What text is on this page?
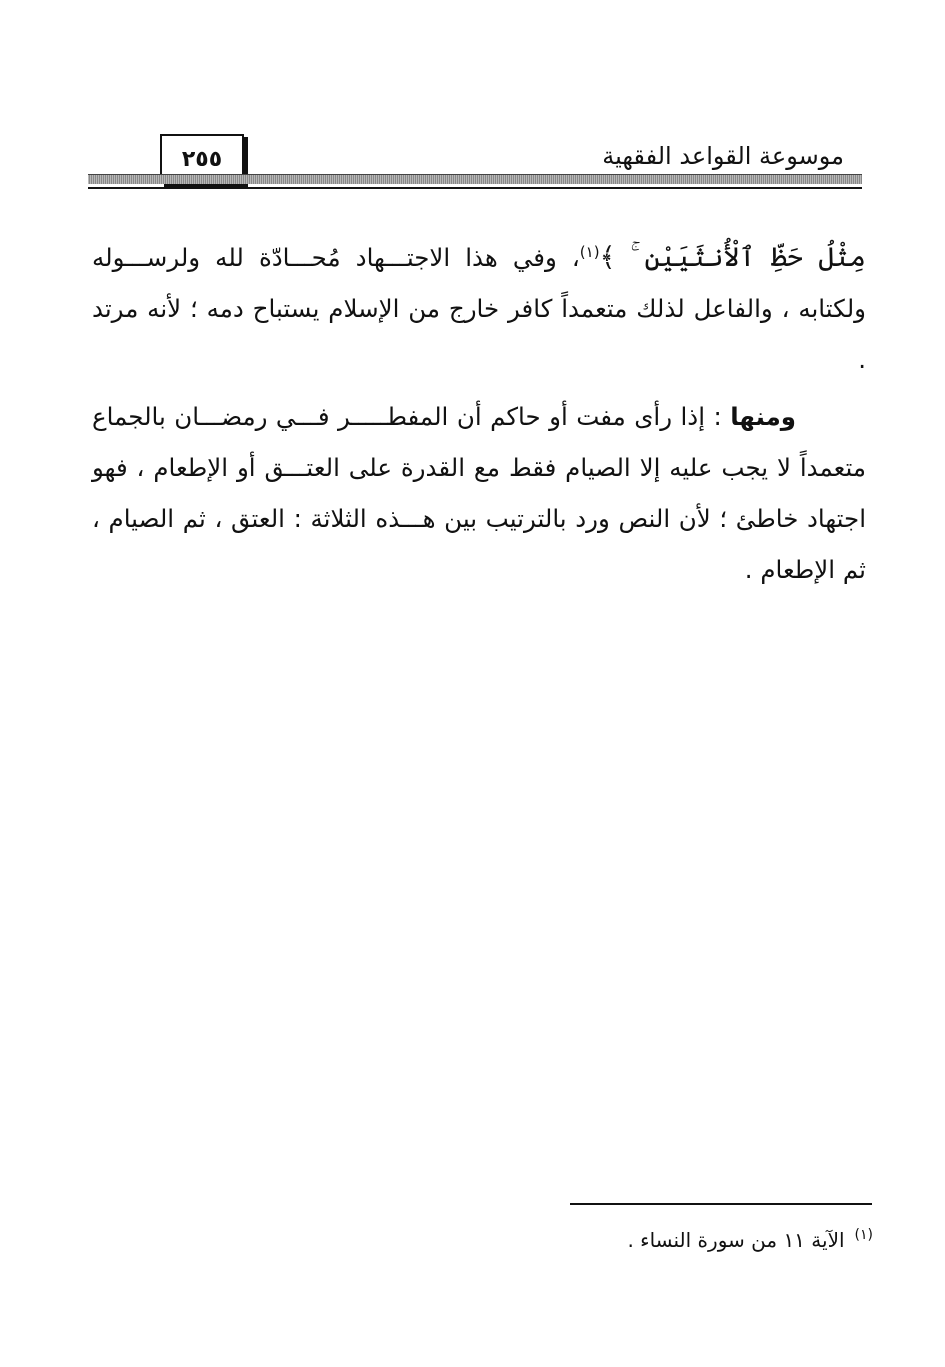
موسوعة القواعد الفقهية
٢٥٥

مِثْلُ حَظِّ ٱلْأُنثَيَيْنِ ۚ ﴾$^{(١)}$، وفي هذا الاجتـــهاد مُحـــادّة لله ولرســـوله ولكتابه ، والفاعل لذلك متعمداً كافر خارج من الإسلام يستباح دمه ؛ لأنه مرتد .

ومنها : إذا رأى مفت أو حاكم أن المفطـــــر فـــي رمضـــان بالجماع متعمداً لا يجب عليه إلا الصيام فقط مع القدرة على العتـــق أو الإطعام ، فهو اجتهاد خاطئ ؛ لأن النص ورد بالترتيب بين هـــذه الثلاثة : العتق ، ثم الصيام ، ثم الإطعام .

$^{(١)}$الآية ١١ من سورة النساء .
